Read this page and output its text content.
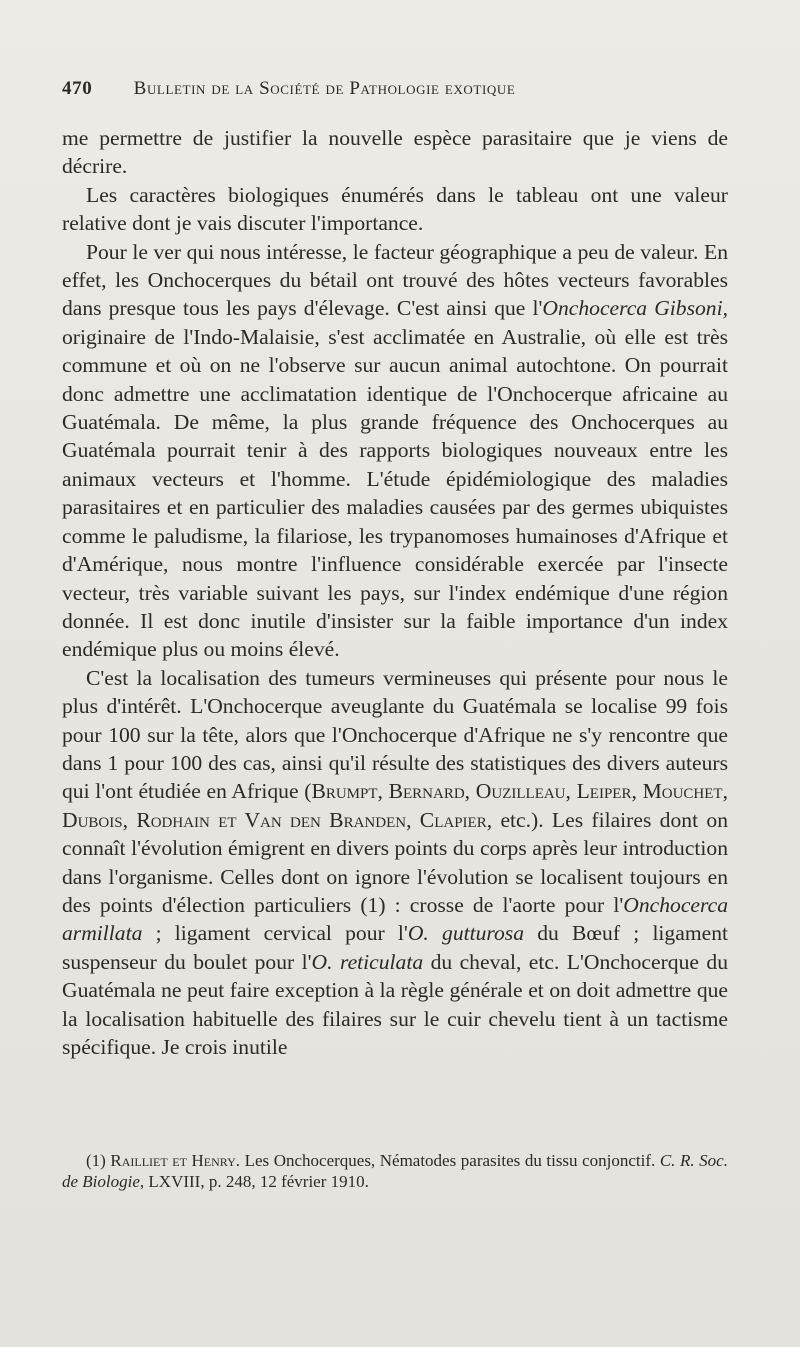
470 Bulletin de la Société de Pathologie exotique

me permettre de justifier la nouvelle espèce parasitaire que je viens de décrire.

Les caractères biologiques énumérés dans le tableau ont une valeur relative dont je vais discuter l'importance.

Pour le ver qui nous intéresse, le facteur géographique a peu de valeur. En effet, les Onchocerques du bétail ont trouvé des hôtes vecteurs favorables dans presque tous les pays d'élevage. C'est ainsi que l'Onchocerca Gibsoni, originaire de l'Indo-Malaisie, s'est acclimatée en Australie, où elle est très commune et où on ne l'observe sur aucun animal autochtone. On pourrait donc admettre une acclimatation identique de l'Onchocerque africaine au Guatémala. De même, la plus grande fréquence des Onchocerques au Guatémala pourrait tenir à des rapports biologiques nouveaux entre les animaux vecteurs et l'homme. L'étude épidémiologique des maladies parasitaires et en particulier des maladies causées par des germes ubiquistes comme le paludisme, la filariose, les trypanomoses humainoses d'Afrique et d'Amérique, nous montre l'influence considérable exercée par l'insecte vecteur, très variable suivant les pays, sur l'index endémique d'une région donnée. Il est donc inutile d'insister sur la faible importance d'un index endémique plus ou moins élevé.

C'est la localisation des tumeurs vermineuses qui présente pour nous le plus d'intérêt. L'Onchocerque aveuglante du Guatémala se localise 99 fois pour 100 sur la tête, alors que l'Onchocerque d'Afrique ne s'y rencontre que dans 1 pour 100 des cas, ainsi qu'il résulte des statistiques des divers auteurs qui l'ont étudiée en Afrique (Brumpt, Bernard, Ouzilleau, Leiper, Mouchet, Dubois, Rodhain et Van den Branden, Clapier, etc.). Les filaires dont on connaît l'évolution émigrent en divers points du corps après leur introduction dans l'organisme. Celles dont on ignore l'évolution se localisent toujours en des points d'élection particuliers (1) : crosse de l'aorte pour l'Onchocerca armillata ; ligament cervical pour l'O. gutturosa du Bœuf ; ligament suspenseur du boulet pour l'O. reticulata du cheval, etc. L'Onchocerque du Guatémala ne peut faire exception à la règle générale et on doit admettre que la localisation habituelle des filaires sur le cuir chevelu tient à un tactisme spécifique. Je crois inutile

(1) Railliet et Henry. Les Onchocerques, Nématodes parasites du tissu conjonctif. C. R. Soc. de Biologie, LXVIII, p. 248, 12 février 1910.
